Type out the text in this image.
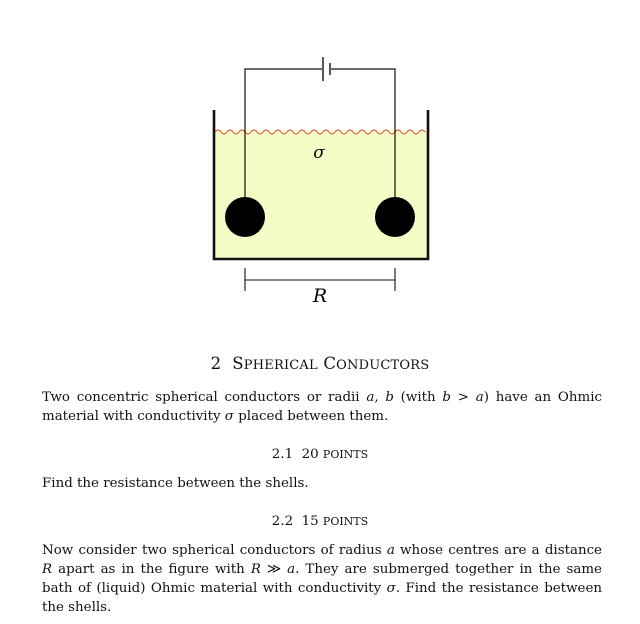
σ
R
2 SPHERICAL CONDUCTORS
Two concentric spherical conductors or radii a, b (with b > a) have an Ohmic material with conductivity σ placed between them.
2.1 20 POINTS
Find the resistance between the shells.
2.2 15 POINTS
Now consider two spherical conductors of radius a whose centres are a distance R apart as in the figure with R ≫ a. They are submerged together in the same bath of (liquid) Ohmic material with conductivity σ. Find the resistance between the shells.
